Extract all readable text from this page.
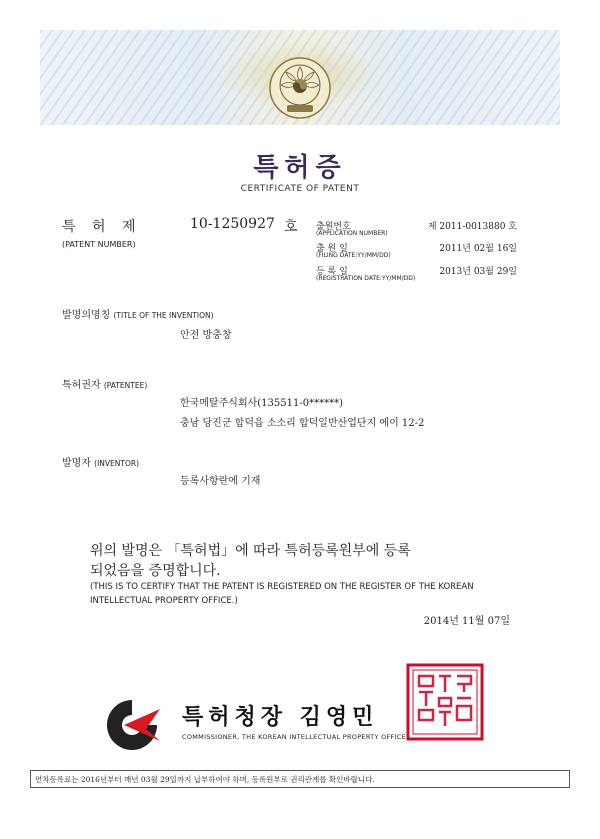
특허증
CERTIFICATE OF PATENT
특 허 제	10-1250927 호
(PATENT NUMBER)
출원번호
(APPLICATION NUMBER)
제 2011-0013880 호
출 원 일
(FILING DATE:YY/MM/DD)
2011년 02월 16일
등 록 일
(REGISTRATION DATE:YY/MM/DD)
2013년 03월 29일
발명의명칭 (TITLE OF THE INVENTION)
안전 방충창
특허권자 (PATENTEE)
한국메탈주식회사(135511-0******)
충남 당진군 합덕읍 소소리 합덕일반산업단지 에이 12-2
발명자 (INVENTOR)
등록사항란에 기재
위의 발명은 「특허법」에 따라 특허등록원부에 등록
되었음을 증명합니다.
(THIS IS TO CERTIFY THAT THE PATENT IS REGISTERED ON THE REGISTER OF THE KOREAN
INTELLECTUAL PROPERTY OFFICE.)
2014년 11월 07일
특허청장 김영민
COMMISSIONER, THE KOREAN INTELLECTUAL PROPERTY OFFICE
연차등록료는 2016년부터 매년 03월 29일까지 납부하여야 하며, 등록원부로 권리관계를 확인바랍니다.
